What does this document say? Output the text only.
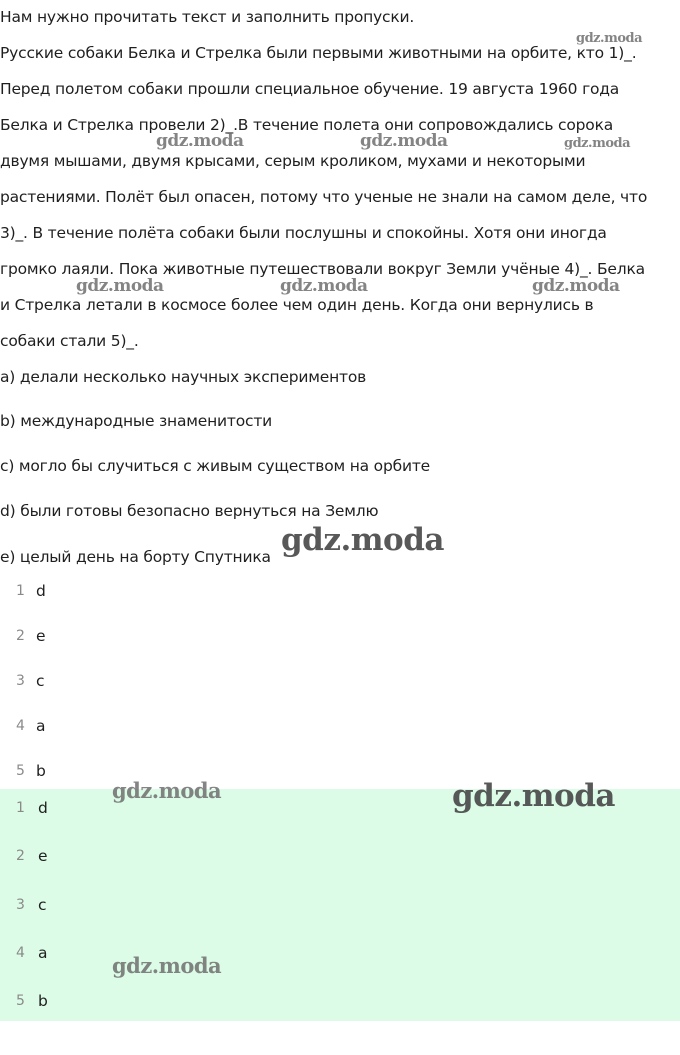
Нам нужно прочитать текст и заполнить пропуски.
Русские собаки Белка и Стрелка были первыми животными на орбите, кто 1)_.
Перед полетом собаки прошли специальное обучение. 19 августа 1960 года
Белка и Стрелка провели 2)_.В течение полета они сопровождались сорока
двумя мышами, двумя крысами, серым кроликом, мухами и некоторыми
растениями. Полёт был опасен, потому что ученые не знали на самом деле, что
3)_. В течение полёта собаки были послушны и спокойны. Хотя они иногда
громко лаяли. Пока животные путешествовали вокруг Земли учёные 4)_. Белка
и Стрелка летали в космосе более чем один день. Когда они вернулись в
собаки стали 5)_.
a) делали несколько научных экспериментов
b) международные знаменитости
c) могло бы случиться с живым существом на орбите
d) были готовы безопасно вернуться на Землю
e) целый день на борту Спутника
1 d
2 e
3 c
4 a
5 b
1 d
2 e
3 c
4 a
5 b
gdz.moda
gdz.moda	gdz.moda	gdz.moda
gdz.moda	gdz.moda	gdz.moda
gdz.moda
gdz.moda	gdz.moda
gdz.moda
